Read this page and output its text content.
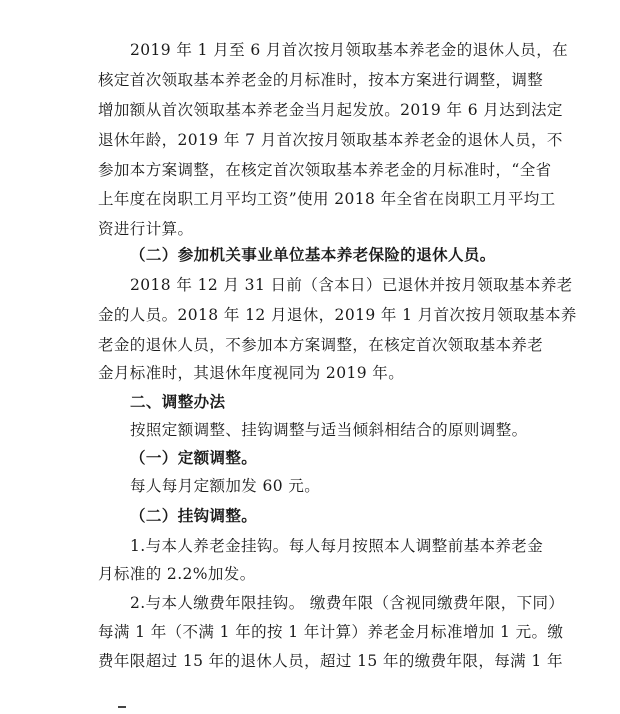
2019 年 1 月至 6 月首次按月领取基本养老金的退休人员，在
核定首次领取基本养老金的月标准时，按本方案进行调整，调整
增加额从首次领取基本养老金当月起发放。2019 年 6 月达到法定
退休年龄，2019 年 7 月首次按月领取基本养老金的退休人员，不
参加本方案调整，在核定首次领取基本养老金的月标准时，“全省
上年度在岗职工月平均工资”使用 2018 年全省在岗职工月平均工
资进行计算。
（二）参加机关事业单位基本养老保险的退休人员。
2018 年 12 月 31 日前（含本日）已退休并按月领取基本养老
金的人员。2018 年 12 月退休，2019 年 1 月首次按月领取基本养
老金的退休人员，不参加本方案调整，在核定首次领取基本养老
金月标准时，其退休年度视同为 2019 年。
二、调整办法
按照定额调整、挂钩调整与适当倾斜相结合的原则调整。
（一）定额调整。
每人每月定额加发 60 元。
（二）挂钩调整。
1.与本人养老金挂钩。每人每月按照本人调整前基本养老金
月标准的 2.2%加发。
2.与本人缴费年限挂钩。 缴费年限（含视同缴费年限，下同）
每满 1 年（不满 1 年的按 1 年计算）养老金月标准增加 1 元。缴
费年限超过 15 年的退休人员，超过 15 年的缴费年限，每满 1 年
